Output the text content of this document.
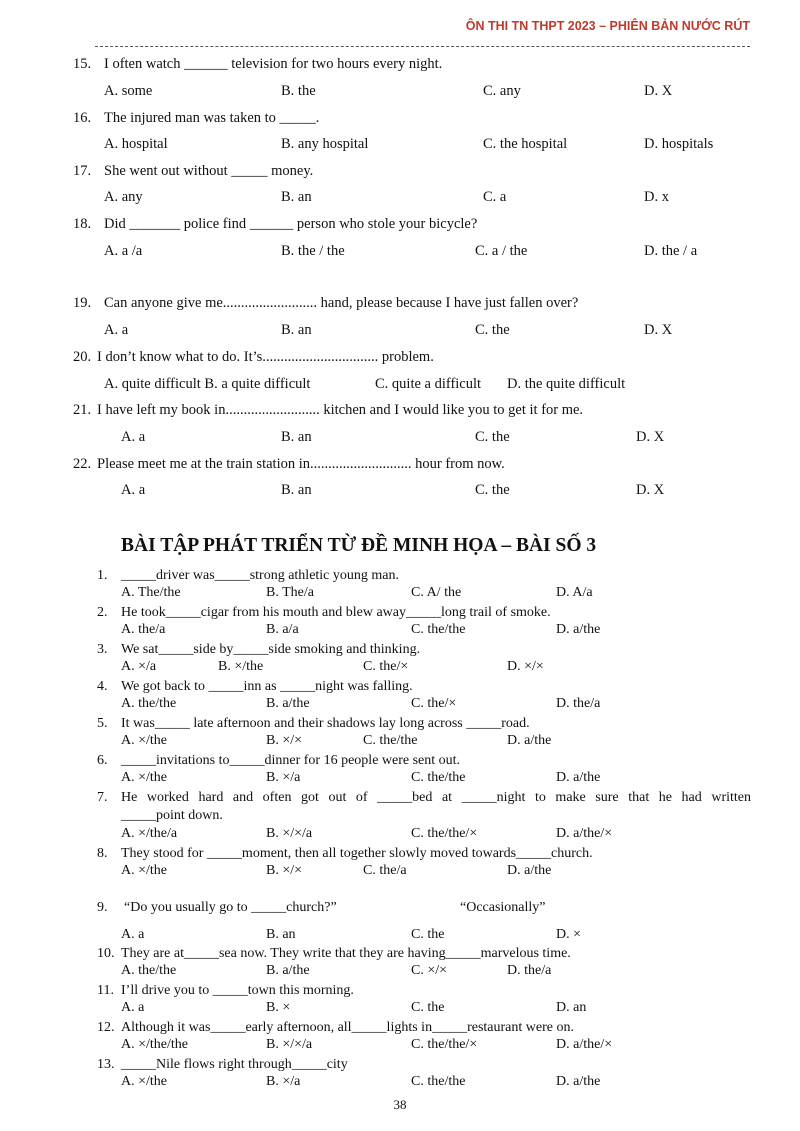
ÔN THI TN THPT 2023 – PHIÊN BẢN NƯỚC RÚT
15. I often watch ______ television for two hours every night.
A. some	B. the	C. any	D. X
16. The injured man was taken to _____.
A. hospital	B. any hospital	C. the hospital	D. hospitals
17. She went out without _____ money.
A. any	B. an	C. a	D. x
18. Did _______ police find ______ person who stole your bicycle?
A. a /a	B. the / the	C. a / the	D. the / a
19. Can anyone give me.......................... hand, please because I have just fallen over?
A. a	B. an	C. the	D. X
20. I don’t know what to do. It’s................................ problem.
A. quite difficult B. a quite difficult	C. quite a difficult D. the quite difficult
21. I have left my book in.......................... kitchen and I would like you to get it for me.
A. a	B. an	C. the	D. X
22. Please meet me at the train station in............................ hour from now.
A. a	B. an	C. the	D. X
BÀI TẬP PHÁT TRIỂN TỪ ĐỀ MINH HỌA – BÀI SỐ 3
1. _____driver was_____strong athletic young man.
A. The/the	B. The/a	C. A/ the	D. A/a
2. He took_____cigar from his mouth and blew away_____long trail of smoke.
A. the/a	B. a/a	C. the/the	D. a/the
3. We sat_____side by_____side smoking and thinking.
A. ×/a	B. ×/the	C. the/×	D. ×/×
4. We got back to _____inn as _____night was falling.
A. the/the	B. a/the	C. the/×	D. the/a
5. It was_____ late afternoon and their shadows lay long across _____road.
A. ×/the	B. ×/×	C. the/the	D. a/the
6. _____invitations to_____dinner for 16 people were sent out.
A. ×/the	B. ×/a	C. the/the	D. a/the
7. He worked hard and often got out of _____bed at _____night to make sure that he had written
_____point down.
A. ×/the/a	B. ×/×/a	C. the/the/×	D. a/the/×
8. They stood for _____moment, then all together slowly moved towards_____church.
A. ×/the	B. ×/×	C. the/a	D. a/the
9. “Do you usually go to _____church?”	“Occasionally”
A. a	B. an	C. the	D. ×
10. They are at_____sea now. They write that they are having_____marvelous time.
A. the/the	B. a/the	C. ×/×	D. the/a
11. I’ll drive you to _____town this morning.
A. a	B. ×	C. the	D. an
12. Although it was_____early afternoon, all_____lights in_____restaurant were on.
A. ×/the/the	B. ×/×/a	C. the/the/×	D. a/the/×
13. _____Nile flows right through_____city
A. ×/the	B. ×/a	C. the/the	D. a/the
38
